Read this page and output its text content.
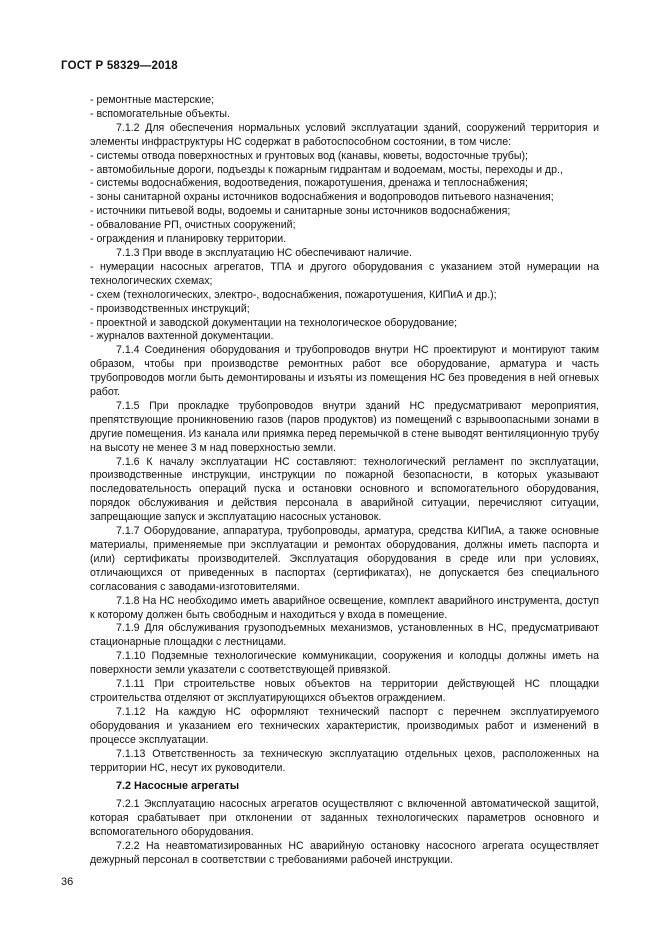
ГОСТ Р 58329—2018

- ремонтные мастерские;

- вспомогательные объекты.

7.1.2 Для обеспечения нормальных условий эксплуатации зданий, сооружений территория и элементы инфраструктуры НС содержат в работоспособном состоянии, в том числе:

- системы отвода поверхностных и грунтовых вод (канавы, кюветы, водосточные трубы);

- автомобильные дороги, подъезды к пожарным гидрантам и водоемам, мосты, переходы и др.,

- системы водоснабжения, водоотведения, пожаротушения, дренажа и теплоснабжения;

- зоны санитарной охраны источников водоснабжения и водопроводов питьевого назначения;

- источники питьевой воды, водоемы и санитарные зоны источников водоснабжения;

- обвалование РП, очистных сооружений;

- ограждения и планировку территории.

7.1.3 При вводе в эксплуатацию НС обеспечивают наличие.

- нумерации насосных агрегатов, ТПА и другого оборудования с указанием этой нумерации на технологических схемах;

- схем (технологических, электро-, водоснабжения, пожаротушения, КИПиА и др.);

- производственных инструкций;

- проектной и заводской документации на технологическое оборудование;

- журналов вахтенной документации.

7.1.4 Соединения оборудования и трубопроводов внутри НС проектируют и монтируют таким образом, чтобы при производстве ремонтных работ все оборудование, арматура и часть трубопроводов могли быть демонтированы и изъяты из помещения НС без проведения в ней огневых работ.

7.1.5 При прокладке трубопроводов внутри зданий НС предусматривают мероприятия, препятствующие проникновению газов (паров продуктов) из помещений с взрывоопасными зонами в другие помещения. Из канала или приямка перед перемычкой в стене выводят вентиляционную трубу на высоту не менее 3 м над поверхностью земли.

7.1.6 К началу эксплуатации НС составляют: технологический регламент по эксплуатации, производственные инструкции, инструкции по пожарной безопасности, в которых указывают последовательность операций пуска и остановки основного и вспомогательного оборудования, порядок обслуживания и действия персонала в аварийной ситуации, перечисляют ситуации, запрещающие запуск и эксплуатацию насосных установок.

7.1.7 Оборудование, аппаратура, трубопроводы, арматура, средства КИПиА, а также основные материалы, применяемые при эксплуатации и ремонтах оборудования, должны иметь паспорта и (или) сертификаты производителей. Эксплуатация оборудования в среде или при условиях, отличающихся от приведенных в паспортах (сертификатах), не допускается без специального согласования с заводами-изготовителями.

7.1.8 На НС необходимо иметь аварийное освещение, комплект аварийного инструмента, доступ к которому должен быть свободным и находиться у входа в помещение.

7.1.9 Для обслуживания грузоподъемных механизмов, установленных в НС, предусматривают стационарные площадки с лестницами.

7.1.10 Подземные технологические коммуникации, сооружения и колодцы должны иметь на поверхности земли указатели с соответствующей привязкой.

7.1.11 При строительстве новых объектов на территории действующей НС площадки строительства отделяют от эксплуатирующихся объектов ограждением.

7.1.12 На каждую НС оформляют технический паспорт с перечнем эксплуатируемого оборудования и указанием его технических характеристик, производимых работ и изменений в процессе эксплуатации.

7.1.13 Ответственность за техническую эксплуатацию отдельных цехов, расположенных на территории НС, несут их руководители.

7.2 Насосные агрегаты

7.2.1 Эксплуатацию насосных агрегатов осуществляют с включенной автоматической защитой, которая срабатывает при отклонении от заданных технологических параметров основного и вспомогательного оборудования.

7.2.2 На неавтоматизированных НС аварийную остановку насосного агрегата осуществляет дежурный персонал в соответствии с требованиями рабочей инструкции.

36
